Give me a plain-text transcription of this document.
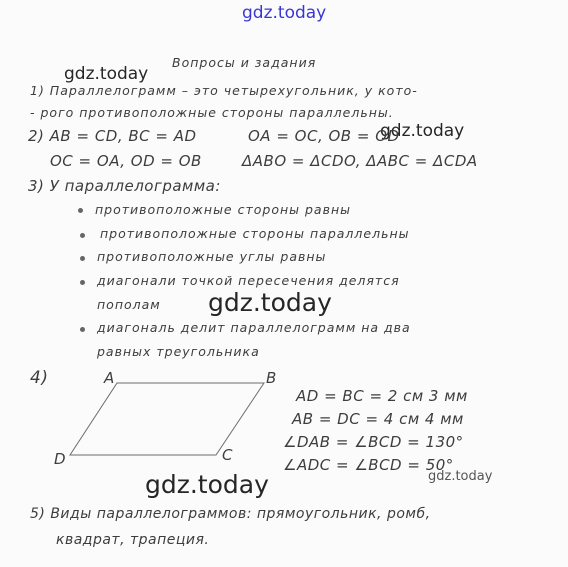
gdz.today
gdz.today
gdz.today
gdz.today
gdz.today	gdz.today
Вопросы и задания
1) Параллелограмм – это четырехугольник, у кото-
- рого противоположные стороны параллельны.
2) AB = CD, BC = AD	OA = OC, OB = OD
OC = OA, OD = OB	ΔABO = ΔCDO, ΔABC = ΔCDA
3) У параллелограмма:
противоположные стороны равны
противоположные стороны параллельны
противоположные углы равны
диагонали точкой пересечения делятся
пополам
диагональ делит параллелограмм на два
равных треугольника
4)	A	B
C
D
AD = BC = 2 см 3 мм
AB = DC = 4 см 4 мм
∠DAB = ∠BCD = 130°
∠ADC = ∠BCD = 50°
5) Виды параллелограммов: прямоугольник, ромб,
квадрат, трапеция.
